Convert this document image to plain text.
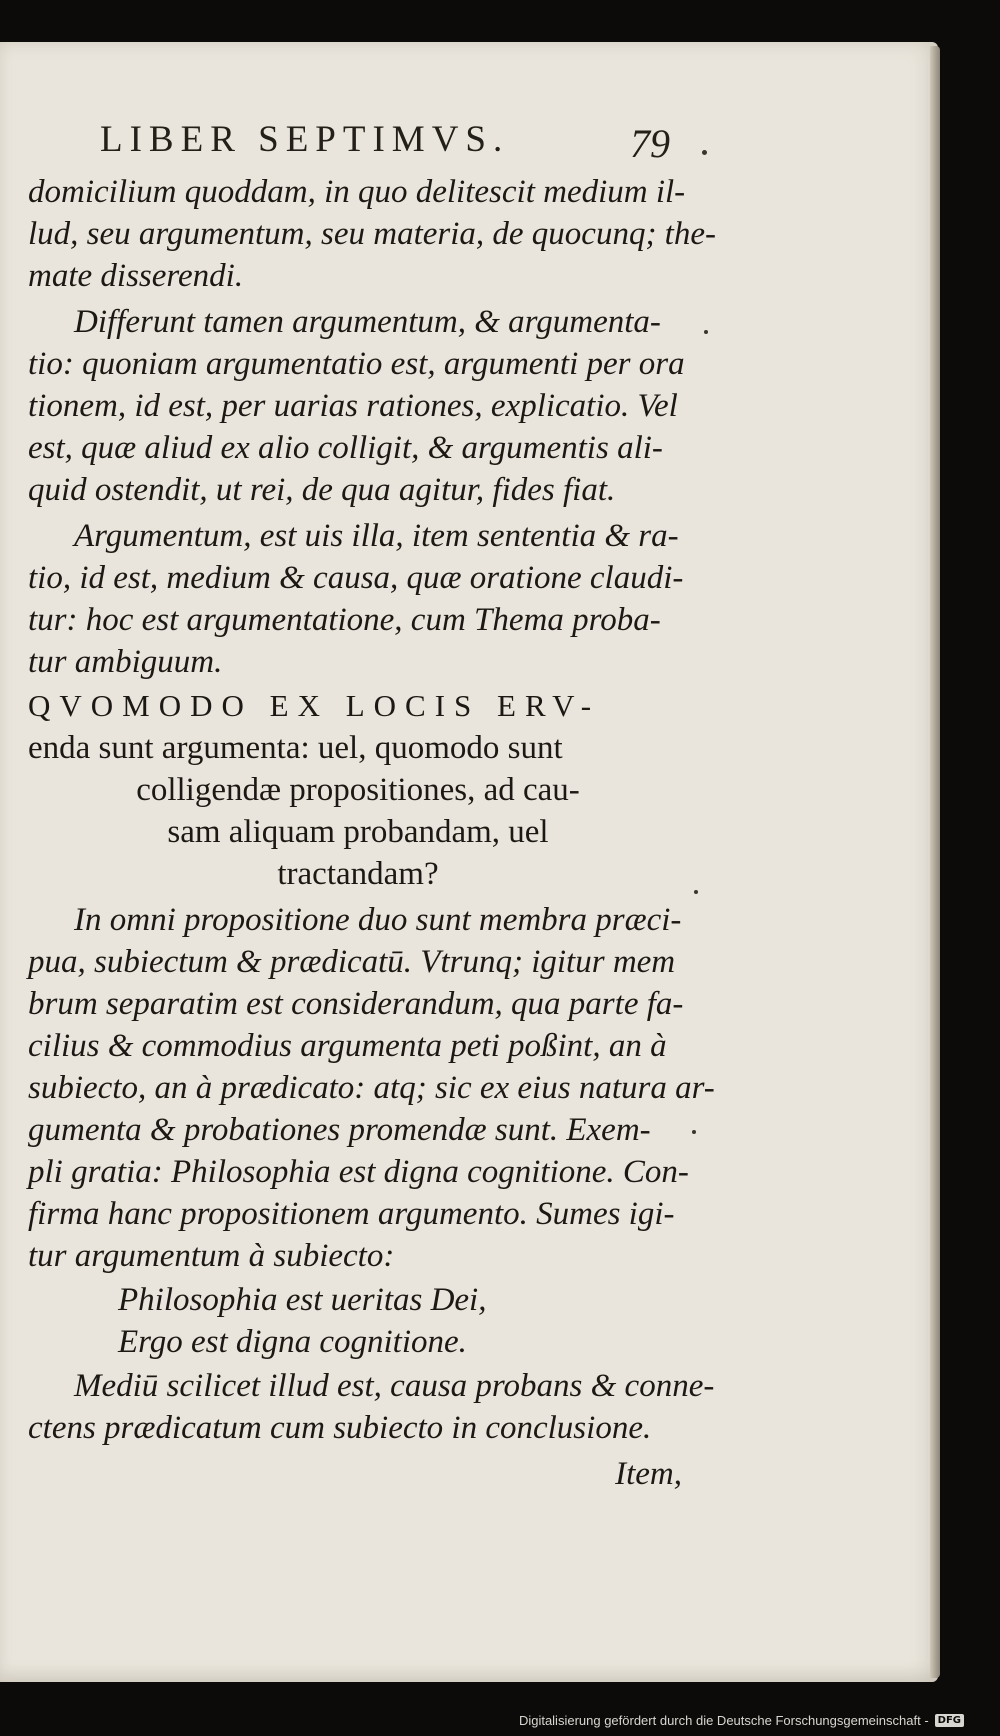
LIBER SEPTIMVS.	79
domicilium quoddam, in quo delitescit medium il-
lud, seu argumentum, seu materia, de quocunq; the-
mate disserendi.
Differunt tamen argumentum, & argumenta-
tio: quoniam argumentatio est, argumenti per ora
tionem, id est, per uarias rationes, explicatio. Vel
est, quæ aliud ex alio colligit, & argumentis ali-
quid ostendit, ut rei, de qua agitur, fides fiat.
Argumentum, est uis illa, item sententia & ra-
tio, id est, medium & causa, quæ oratione claudi-
tur: hoc est argumentatione, cum Thema proba-
tur ambiguum.
QVOMODO EX LOCIS ERV-
enda sunt argumenta: uel, quomodo sunt
colligendæ propositiones, ad cau-
sam aliquam probandam, uel
tractandam?
In omni propositione duo sunt membra præci-
pua, subiectum & prædicatū. Vtrunq; igitur mem
brum separatim est considerandum, qua parte fa-
cilius & commodius argumenta peti poßint, an à
subiecto, an à prædicato: atq; sic ex eius natura ar-
gumenta & probationes promendæ sunt. Exem-
pli gratia: Philosophia est digna cognitione. Con-
firma hanc propositionem argumento. Sumes igi-
tur argumentum à subiecto:
Philosophia est ueritas Dei,
Ergo est digna cognitione.
Mediū scilicet illud est, causa probans & conne-
ctens prædicatum cum subiecto in conclusione.
Item,
Digitalisierung gefördert durch die Deutsche Forschungsgemeinschaft - DFG
